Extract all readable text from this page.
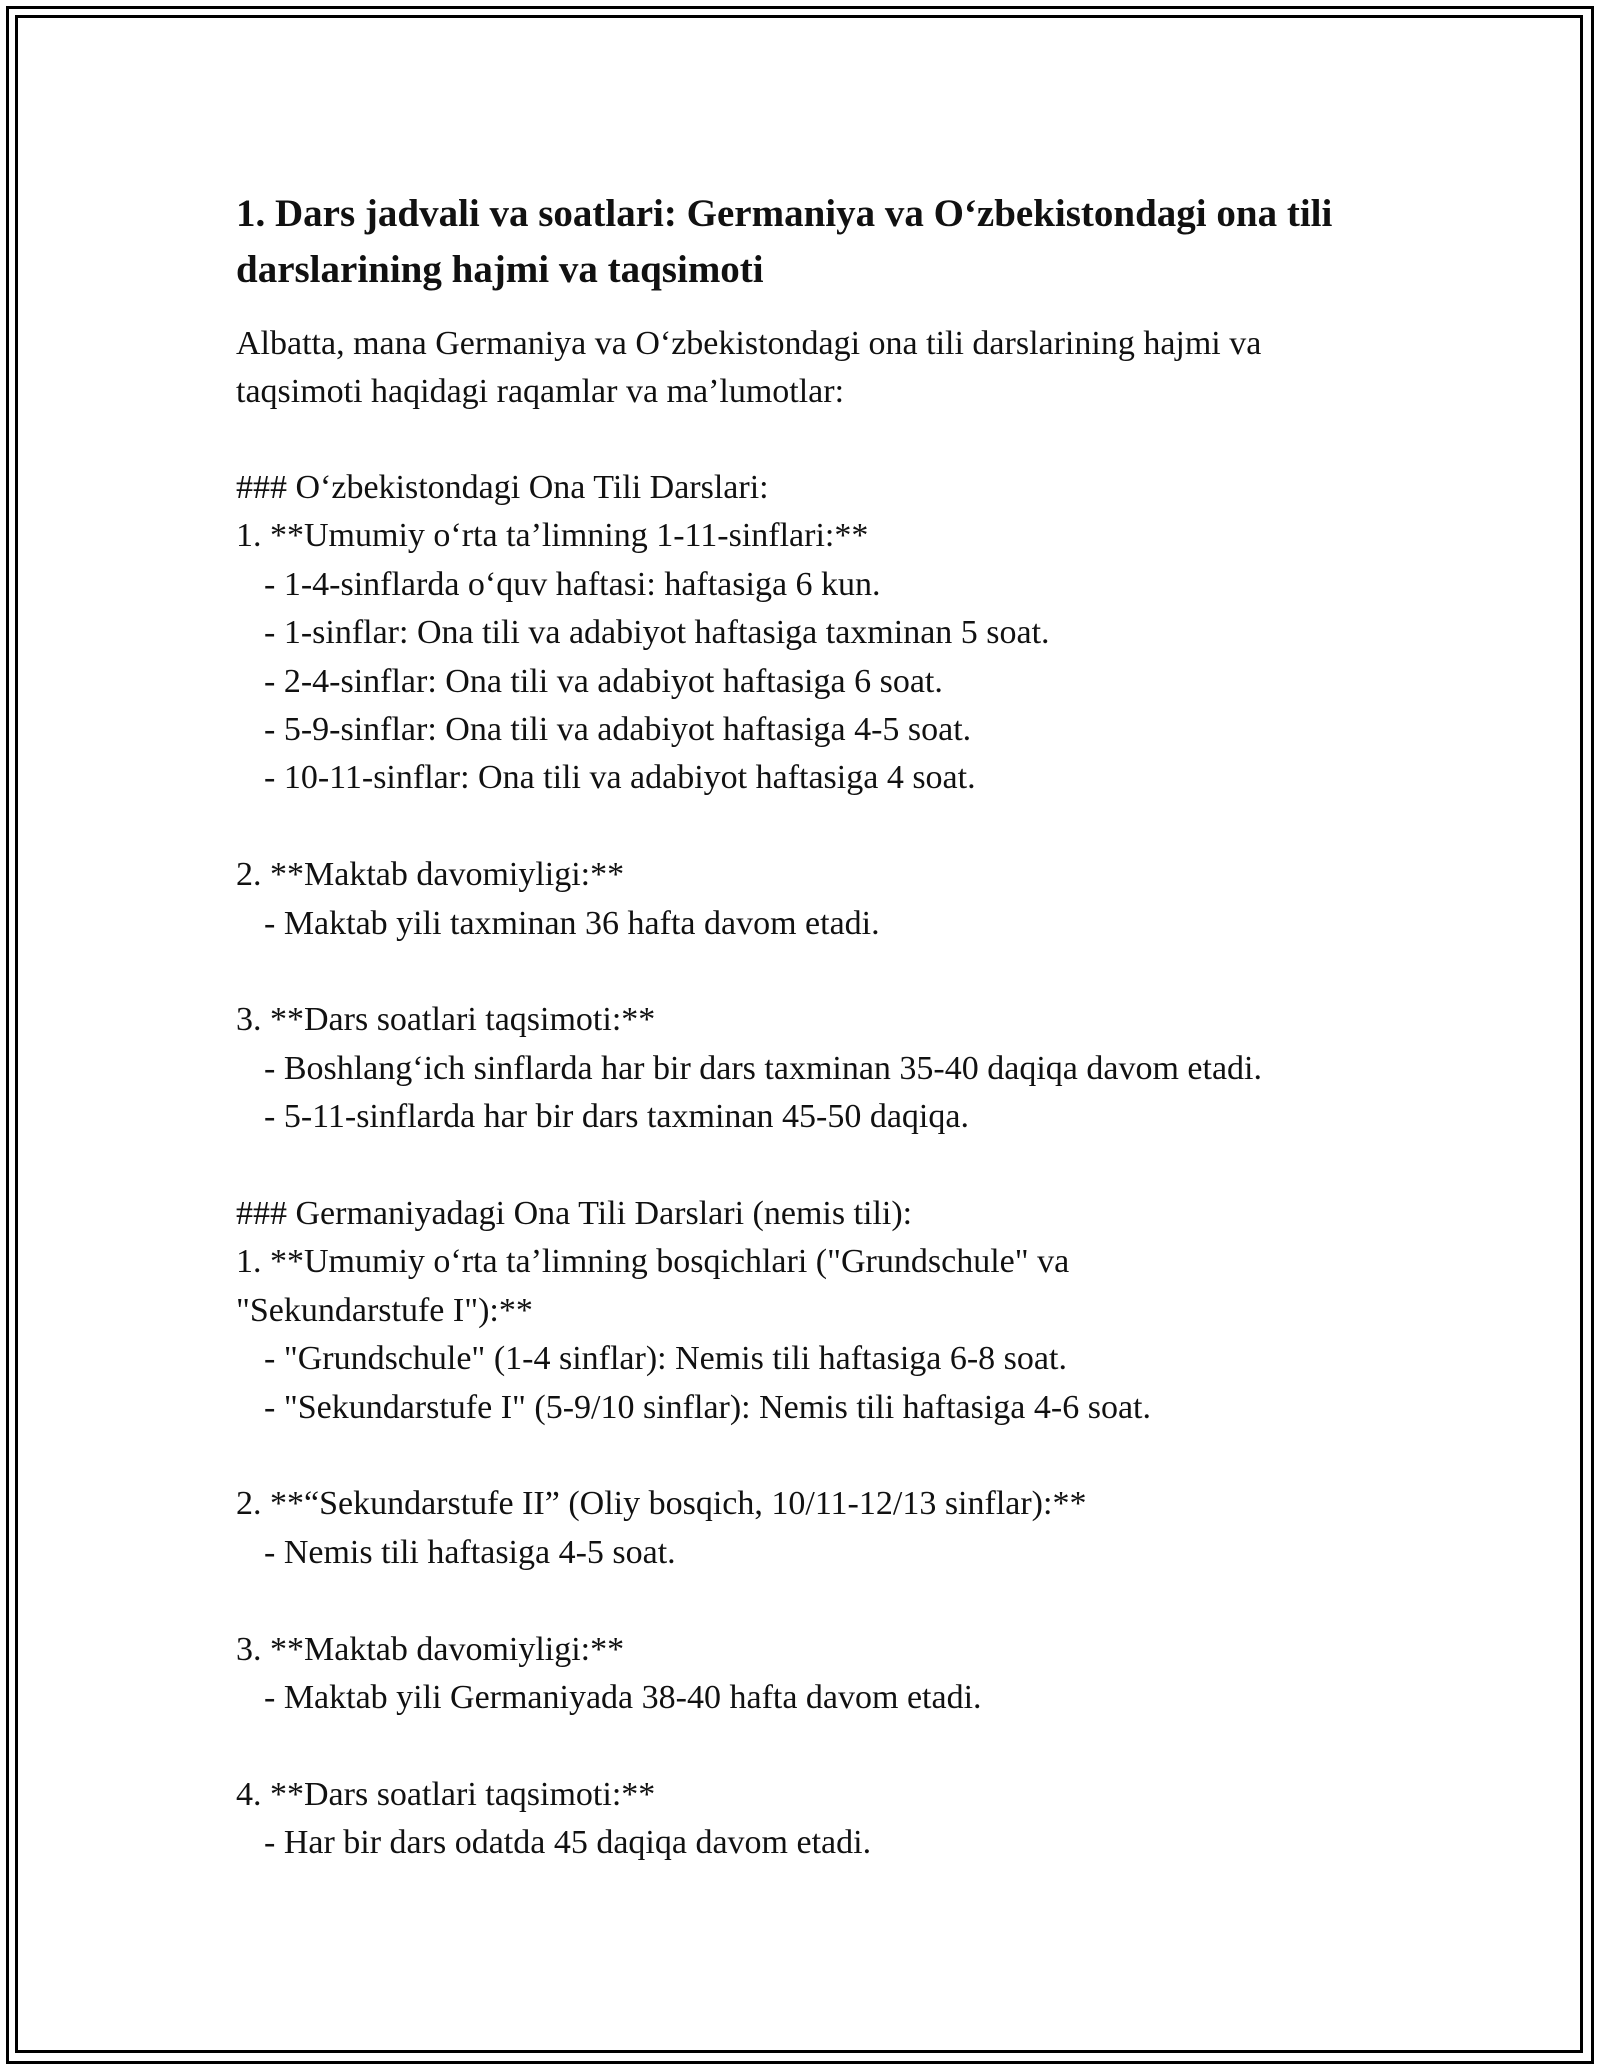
1. Dars jadvali va soatlari: Germaniya va O‘zbekistondagi ona tili darslarining hajmi va taqsimoti

Albatta, mana Germaniya va O‘zbekistondagi ona tili darslarining hajmi va taqsimoti haqidagi raqamlar va ma’lumotlar:

### O‘zbekistondagi Ona Tili Darslari:
1. **Umumiy o‘rta ta’limning 1-11-sinflari:**
- 1-4-sinflarda o‘quv haftasi: haftasiga 6 kun.
- 1-sinflar: Ona tili va adabiyot haftasiga taxminan 5 soat.
- 2-4-sinflar: Ona tili va adabiyot haftasiga 6 soat.
- 5-9-sinflar: Ona tili va adabiyot haftasiga 4-5 soat.
- 10-11-sinflar: Ona tili va adabiyot haftasiga 4 soat.
2. **Maktab davomiyligi:**
- Maktab yili taxminan 36 hafta davom etadi.
3. **Dars soatlari taqsimoti:**
- Boshlang‘ich sinflarda har bir dars taxminan 35-40 daqiqa davom etadi.
- 5-11-sinflarda har bir dars taxminan 45-50 daqiqa.
### Germaniyadagi Ona Tili Darslari (nemis tili):
1. **Umumiy o‘rta ta’limning bosqichlari ("Grundschule" va
"Sekundarstufe I"):**
- "Grundschule" (1-4 sinflar): Nemis tili haftasiga 6-8 soat.
- "Sekundarstufe I" (5-9/10 sinflar): Nemis tili haftasiga 4-6 soat.
2. **“Sekundarstufe II” (Oliy bosqich, 10/11-12/13 sinflar):**
- Nemis tili haftasiga 4-5 soat.
3. **Maktab davomiyligi:**
- Maktab yili Germaniyada 38-40 hafta davom etadi.
4. **Dars soatlari taqsimoti:**
- Har bir dars odatda 45 daqiqa davom etadi.
